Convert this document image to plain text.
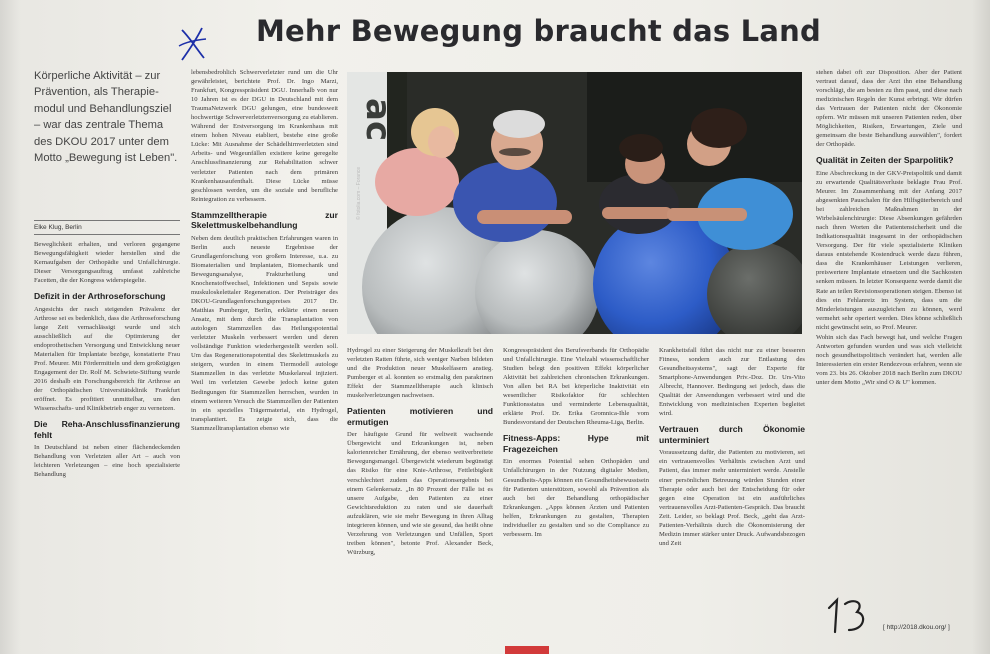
Mehr Bewegung braucht das Land
Körperliche Aktivität – zur Prävention, als Therapie-modul und Behandlungsziel – war das zentrale Thema des DKOU 2017 unter dem Motto „Bewegung ist Leben".
Elke Klug, Berlin

Beweglichkeit erhalten, und verloren gegangene Bewegungsfähigkeit wieder herstellen sind die Kernaufgaben der Orthopädie und Unfallchirurgie. Dieser Versorgungsauftrag umfasst zahlreiche Facetten, die der Kongress widerspiegelte.

Defizit in der Arthroseforschung

Angesichts der rasch steigenden Prävalenz der Arthrose sei es bedenklich, dass die Arthroseforschung lange Zeit vernachlässigt wurde und sich ausschließlich auf die Optimierung der endoprothetischen Versorgung und Entwicklung neuer Materialien für Implantate bezöge, konstatierte Frau Prof. Meurer. Mit Fördermitteln und dem großzügigen Engagement der Dr. Rolf M. Schwiete-Stiftung wurde 2016 deshalb ein Forschungsbereich für Arthrose an der Orthopädischen Universitätsklinik Frankfurt eröffnet. Es profitiert unmittelbar, um den Wissenschafts- und Klinikbetrieb enger zu vernetzen.

Die Reha-Anschlussfinanzierung fehlt

In Deutschland ist neben einer flächendeckenden Behandlung von Verletzten aller Art – auch von leichteren Verletzungen – eine hoch spezialisierte Behandlung

lebensbedrohlich Schwerverletzter rund um die Uhr gewährleistet, berichtete Prof. Dr. Ingo Marzi, Frankfurt, Kongresspräsident DGU. Innerhalb von nur 10 Jahren ist es der DGU in Deutschland mit dem TraumaNetzwerk DGU gelungen, eine bundesweit hochwertige Schwerverletztenversorgung zu etablieren. Während der Erstversorgung im Krankenhaus mit einem hohen Niveau etabliert, bestehe eine große Lücke: Mit Ausnahme der Schädelhirnverletzten sind Arbeits- und Wegeunfällen existiere keine geregelte Anschlussfinanzierung zur Rehabilitation schwer verletzter Patienten nach dem primären Krankenhausaufenthalt. Diese Lücke müsse geschlossen werden, um die soziale und berufliche Reintegration zu verbessern.

Stammzelltherapie zur Skelettmuskelbehandlung

Neben dem deutlich praktischen Erfahrungen waren in Berlin auch neueste Ergebnisse der Grundlagenforschung von großem Interesse, u.a. zu Biomaterialien und Implantaten, Biomechanik und Bewegungsanalyse, Frakturheilung und Knochenstoffwechsel, Infektionen und Sepsis sowie muskuloskelettaler Regeneration. Der Preisträger des DKOU-Grundlagenforschungspreises 2017 Dr. Matthias Pumberger, Berlin, erklärte einen neuen Ansatz, mit dem durch die Transplantation von autologen Stammzellen das Heilungspotential verletzter Muskeln verbessert werden und deren vollständige Funktion wiederhergestellt werden soll. Um das Regenerationspotential des Skelettmuskels zu steigern, wurden in einem Tiermodell autologe Stammzellen in das verletzte Muskelareal injiziert. Weil im verletzten Gewebe jedoch keine guten Bedingungen für Stammzellen herrschen, wurden in einem weiteren Versuch die Stammzellen der Patienten in ein spezielles Trägermaterial, ein Hydrogel, transplantiert. Es zeigte sich, dass die Stammzelltransplantation ebenso wie

ac
© fotolia.com – Forance

Hydrogel zu einer Steigerung der Muskelkraft bei den verletzten Ratten führte, sich weniger Narben bildeten und die Produktion neuer Muskelfasern anstieg. Pumberger et al. konnten so erstmalig den parakrinen Effekt der Stammzelltherapie auch klinisch muskelverletzungen nachweisen.

Patienten motivieren und ermutigen

Der häufigste Grund für weltweit wachsende Übergewicht und Erkrankungen ist, neben kalorienreicher Ernährung, der ebenso weitverbreitete Bewegungsmangel. Übergewicht wiederum begünstigt das Risiko für eine Knie-Arthrose, Fettleibigkeit verschlechtert zudem das Operationsergebnis bei einem Gelenkersatz. „In 80 Prozent der Fälle ist es unsere Aufgabe, den Patienten zu einer Gewichtsreduktion zu raten und sie dauerhaft aufzuklären, wie sie mehr Bewegung in ihren Alltag integrieren können, und wie sie gesund, das heißt ohne Verzehrung von Verletzungen und Unfällen, Sport treiben können", betonte Prof. Alexander Beck, Würzburg,

Kongresspräsident des Berufsverbands für Orthopädie und Unfallchirurgie. Eine Vielzahl wissenschaftlicher Studien belegt den positiven Effekt körperlicher Aktivität bei zahlreichen chronischen Erkrankungen. Von allen bei RA bei körperliche Inaktivität ein wesentlicher Risikofaktor für schlechten Funktionsstatus und verminderte Lebensqualität, erklärte Prof. Dr. Erika Gromnica-Ihle vom Bundesvorstand der Deutschen Rheuma-Liga, Berlin.

Fitness-Apps: Hype mit Fragezeichen

Ein enormes Potential sehen Orthopäden und Unfallchirurgen in der Nutzung digitaler Medien, Gesundheits-Apps können ein Gesundheitsbewusstsein für Patienten unterstützen, sowohl als Prävention als auch bei der Behandlung orthopädischer Erkrankungen. „Apps können Ärzten und Patienten helfen, Erkrankungen zu gestalten, Therapien individueller zu gestalten und so die Compliance zu verbessern. Im

Krankheitsfall führt das nicht nur zu einer besseren Fitness, sondern auch zur Entlastung des Gesundheitssystems", sagt der Experte für Smartphone-Anwendungen Priv.-Doz. Dr. Urs-Vito Albrecht, Hannover. Bedingung sei jedoch, dass die Qualität der Anwendungen verbessert wird und die Entwicklung von medizinischen Experten begleitet wird.

Vertrauen durch Ökonomie unterminiert

Voraussetzung dafür, die Patienten zu motivieren, sei ein vertrauensvolles Verhältnis zwischen Arzt und Patient, das immer mehr unterminiert werde. Anstelle einer persönlichen Betreuung würden Stunden einer Therapie oder auch bei der Entscheidung für oder gegen eine Operation ist ein ausführliches vertrauensvolles Arzt-Patienten-Gespräch. Das braucht Zeit. Leider, so beklagt Prof. Beck, „geht das Arzt-Patienten-Verhältnis durch die Ökonomisierung der Medizin immer stärker unter Druck. Aufwandsbezogen und Zeit

stehen dabei oft zur Disposition. Aber der Patient vertraut darauf, dass der Arzt ihn eine Behandlung vorschlägt, die am besten zu ihm passt, und diese nach medizinischen Regeln der Kunst erbringt. Wir dürfen das Vertrauen der Patienten nicht der Ökonomie opfern. Wir müssen mit unseren Patienten reden, über Möglichkeiten, Risiken, Erwartungen, Ziele und gemeinsam die beste Behandlung auswählen", fordert der Orthopäde.

Qualität in Zeiten der Sparpolitik?

Eine Abschreckung in der GKV-Preispolitik und damit zu erwartende Qualitätsverluste beklagte Frau Prof. Meurer. Im Zusammenhang mit der Anfang 2017 abgesenkten Pauschalen für den Hilfsgüterbereich und bei zahlreichen Maßnahmen in der Wirbelsäulenchirurgie: Diese Absenkungen gefährden nach ihren Worten die Patientensicherheit und die Indikationsqualität insgesamt in der orthopädischen Versorgung. Der für viele spezialisierte Kliniken daraus entstehende Kostendruck werde dazu führen, dass die Krankenhäuser Leistungen verlieren, preiswertere Implantate einsetzen und die Sachkosten senken müssen. In letzter Konsequenz werde damit die Rate an teilen Revisionsoperationen steigen. Ebenso ist dies ein Fehlanreiz im System, dass um die Minderleistungen auszugleichen zu können, werd vermehrt sehr operiert werden. Dies könne schließlich nicht gewünscht sein, so Prof. Meurer.

Wohin sich das Fach bewegt hat, und welche Fragen Antworten gefunden wurden und was sich vielleicht noch gesundheitspolitisch verändert hat, werden alle Interessierten ein erster Rendezvous erfahren, wenn sie vom 23. bis 26. Oktober 2018 nach Berlin zum DKOU unter dem Motto „Wir sind O & U" kommen.

[ http://2018.dkou.org/ ]
